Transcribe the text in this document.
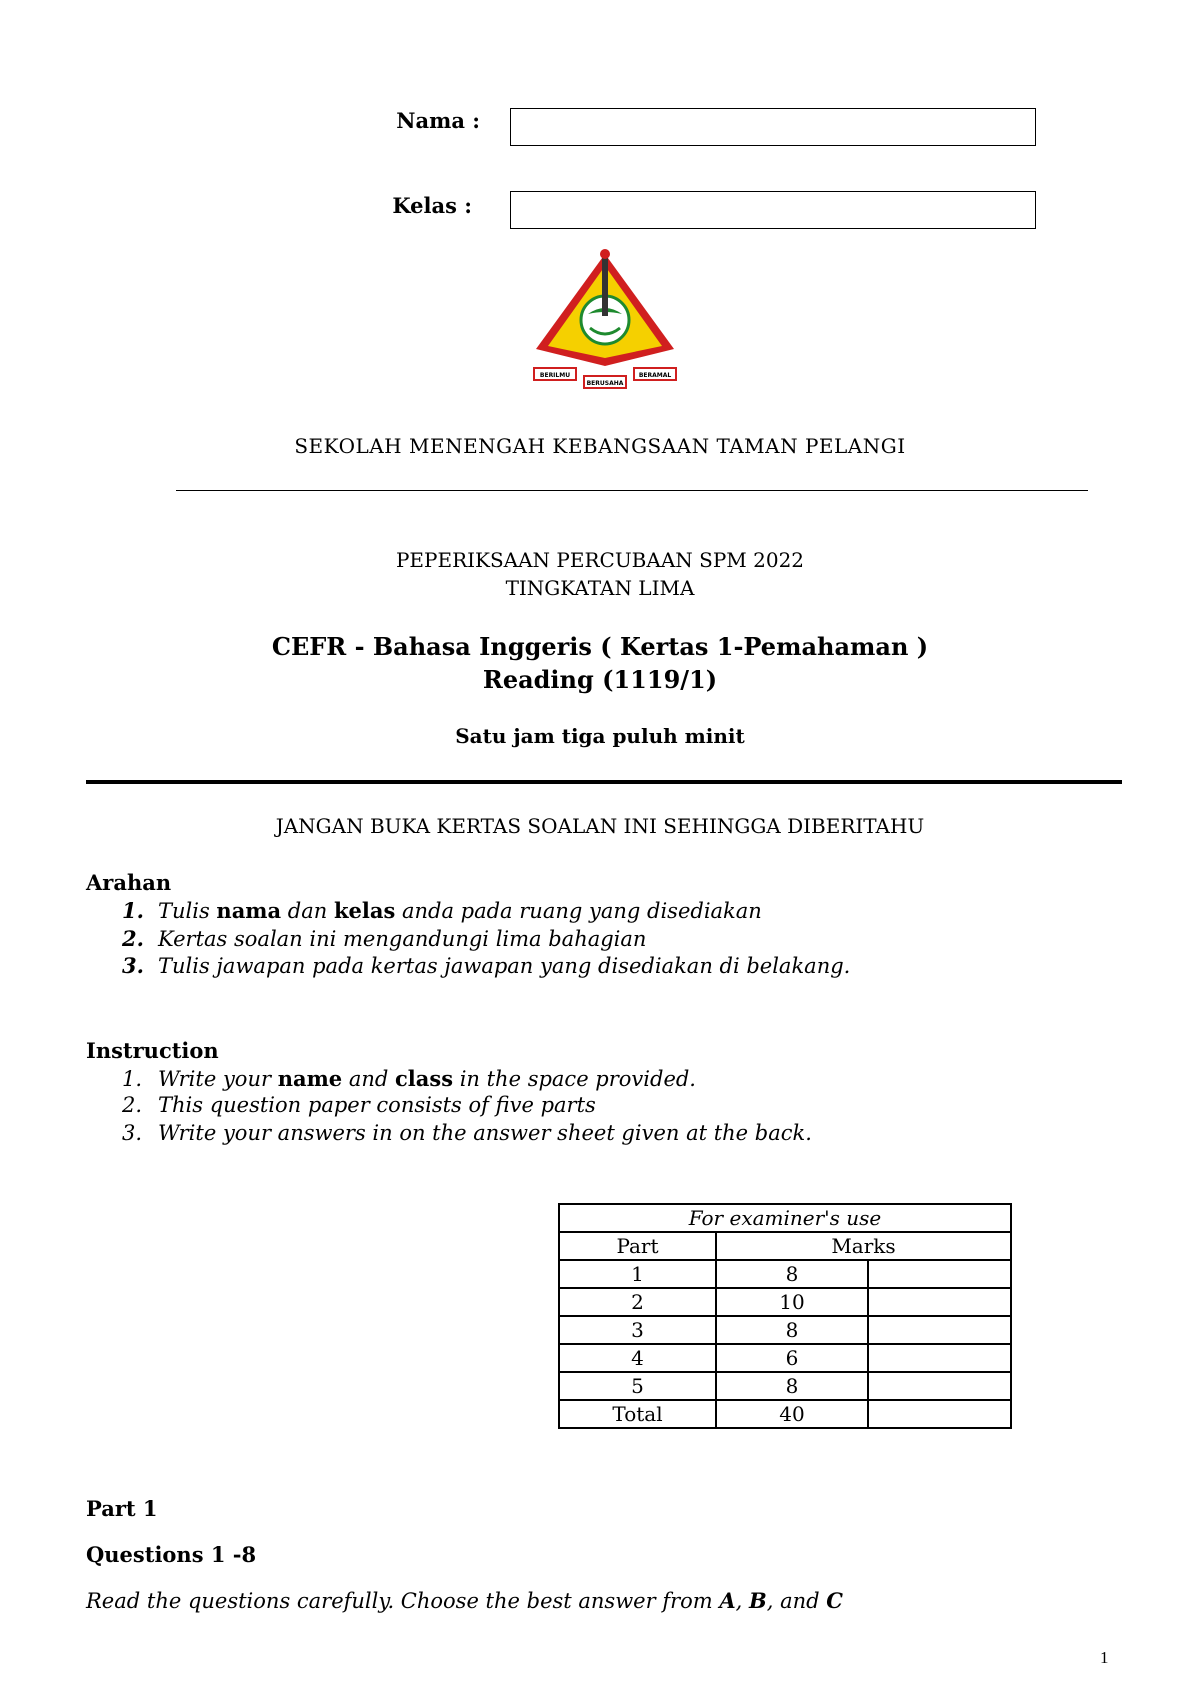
Nama :
Kelas :
BERILMU
BERUSAHA
BERAMAL
SEKOLAH MENENGAH KEBANGSAAN TAMAN PELANGI
PEPERIKSAAN PERCUBAAN SPM 2022
TINGKATAN LIMA
CEFR - Bahasa Inggeris ( Kertas 1-Pemahaman )
Reading (1119/1)
Satu jam tiga puluh minit
JANGAN BUKA KERTAS SOALAN INI SEHINGGA DIBERITAHU
Arahan
1. Tulis nama dan kelas anda pada ruang yang disediakan
2. Kertas soalan ini mengandungi lima bahagian
3. Tulis jawapan pada kertas jawapan yang disediakan di belakang.
Instruction
1. Write your name and class in the space provided.
2. This question paper consists of five parts
3. Write your answers in on the answer sheet given at the back.
For examiner's use		
Part	Marks	
1	8	
2	10	
3	8	
4	6	
5	8	
Total	40	
Part 1
Questions 1 -8
Read the questions carefully. Choose the best answer from A, B, and C
1
